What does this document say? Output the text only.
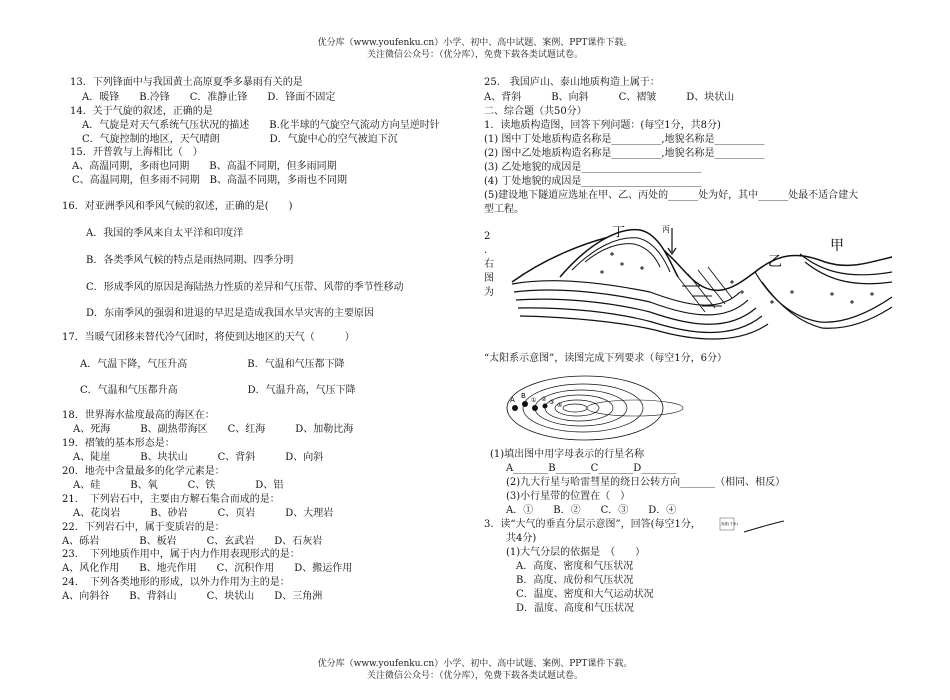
优分库（www.youfenku.cn）小学、初中、高中试题、案例、PPT课件下载。
关注微信公众号：（优分库），免费下载各类试题试卷。
13．下列锋面中与我国黄土高原夏季多暴雨有关的是
A．暖锋　　B.冷锋　　C．准静止锋　　D．锋面不固定
14．关于气旋的叙述，正确的是
A．气旋是对天气系统气压状况的描述　　B.化半球的气旋空气流动方向呈逆时针
C．气旋控制的地区，天气晴朗　　　　　D．气旋中心的空气被迫下沉
15．开普敦与上海相比（　）
A、高温同期，多雨也同期　　B、高温不同期，但多雨同期
C、高温同期，但多雨不同期　B、高温不同期，多雨也不同期
16．对亚洲季风和季风气候的叙述，正确的是(　　)
A．我国的季风来自太平洋和印度洋
B．各类季风气候的特点是雨热同期、四季分明
C．形成季风的原因是海陆热力性质的差异和气压带、风带的季节性移动
D．东南季风的强弱和进退的早迟是造成我国水旱灾害的主要原因
17．当暖气团移来替代冷气团时，将使到达地区的天气（　　　）
A．气温下降，气压升高　　　　　　B．气温和气压都下降
C．气温和气压都升高　　　　　　　D．气温升高，气压下降
18．世界海水盐度最高的海区在：
A、死海　　　B、副热带海区　　C、红海　　　D、加勒比海
19．褶皱的基本形态是：
A、陡崖　　　B、块状山　　　C、背斜　　　D、向斜
20．地壳中含量最多的化学元素是：
A、硅　　　B、氧　　　C、铁　　　　D、铝
21．　下列岩石中，主要由方解石集合而成的是：
A、花岗岩　　　B、砂岩　　　C、页岩　　　D、大理岩
22．下列岩石中，属于变质岩的是：
A、砾岩　　　　B、板岩　　　C、玄武岩　　D、石灰岩
23．　下列地质作用中，属于内力作用表现形式的是：
A、风化作用　　B、地壳作用　　C、沉积作用　　D、搬运作用
24．　下列各类地形的形成，以外力作用为主的是：
A、向斜谷　　B、背斜山　　　C、块状山　　D、三角洲
25.　我国庐山、泰山地质构造上属于：
A、背斜　　　B、向斜　　　C、褶皱　　　D、块状山
二、综合题（共50分）
1．读地质构造图，回答下列问题：(每空1分，共8分)
(1) 图中丁处地质构造名称是__________,地貌名称是__________
(2) 图中乙处地质构造名称是__________,地貌名称是__________
(3) 乙处地貌的成因是________________________
(4) 丁处地貌的成因是________________________
(5)建设地下隧道应选址在甲、乙、丙处的______处为好，其中______处最不适合建大
型工程。
2
.
右
图
为
“太阳系示意图”，读图完成下列要求（每空1分，6分）
(1)填出图中用字母表示的行星名称
A_______B_______C_______D_______
(2)九大行星与哈雷彗星的绕日公转方向_______（相同、相反）
(3)小行星带的位置在（　）
A．①　　B．②　　C．③　　D．④
3．读“大气的垂直分层示意图”，回答(每空1分，
共4分)
(1)大气分层的依据是　（　　）
A．高度、密度和气压状况
B．高度、成份和气压状况
C．温度、密度和大气运动状况
D．温度、高度和气压状况
丁	丙
乙
甲
A B
① ② ③ ④
高度(千米)
优分库（www.youfenku.cn）小学、初中、高中试题、案例、PPT课件下载。
关注微信公众号：（优分库），免费下载各类试题试卷。
